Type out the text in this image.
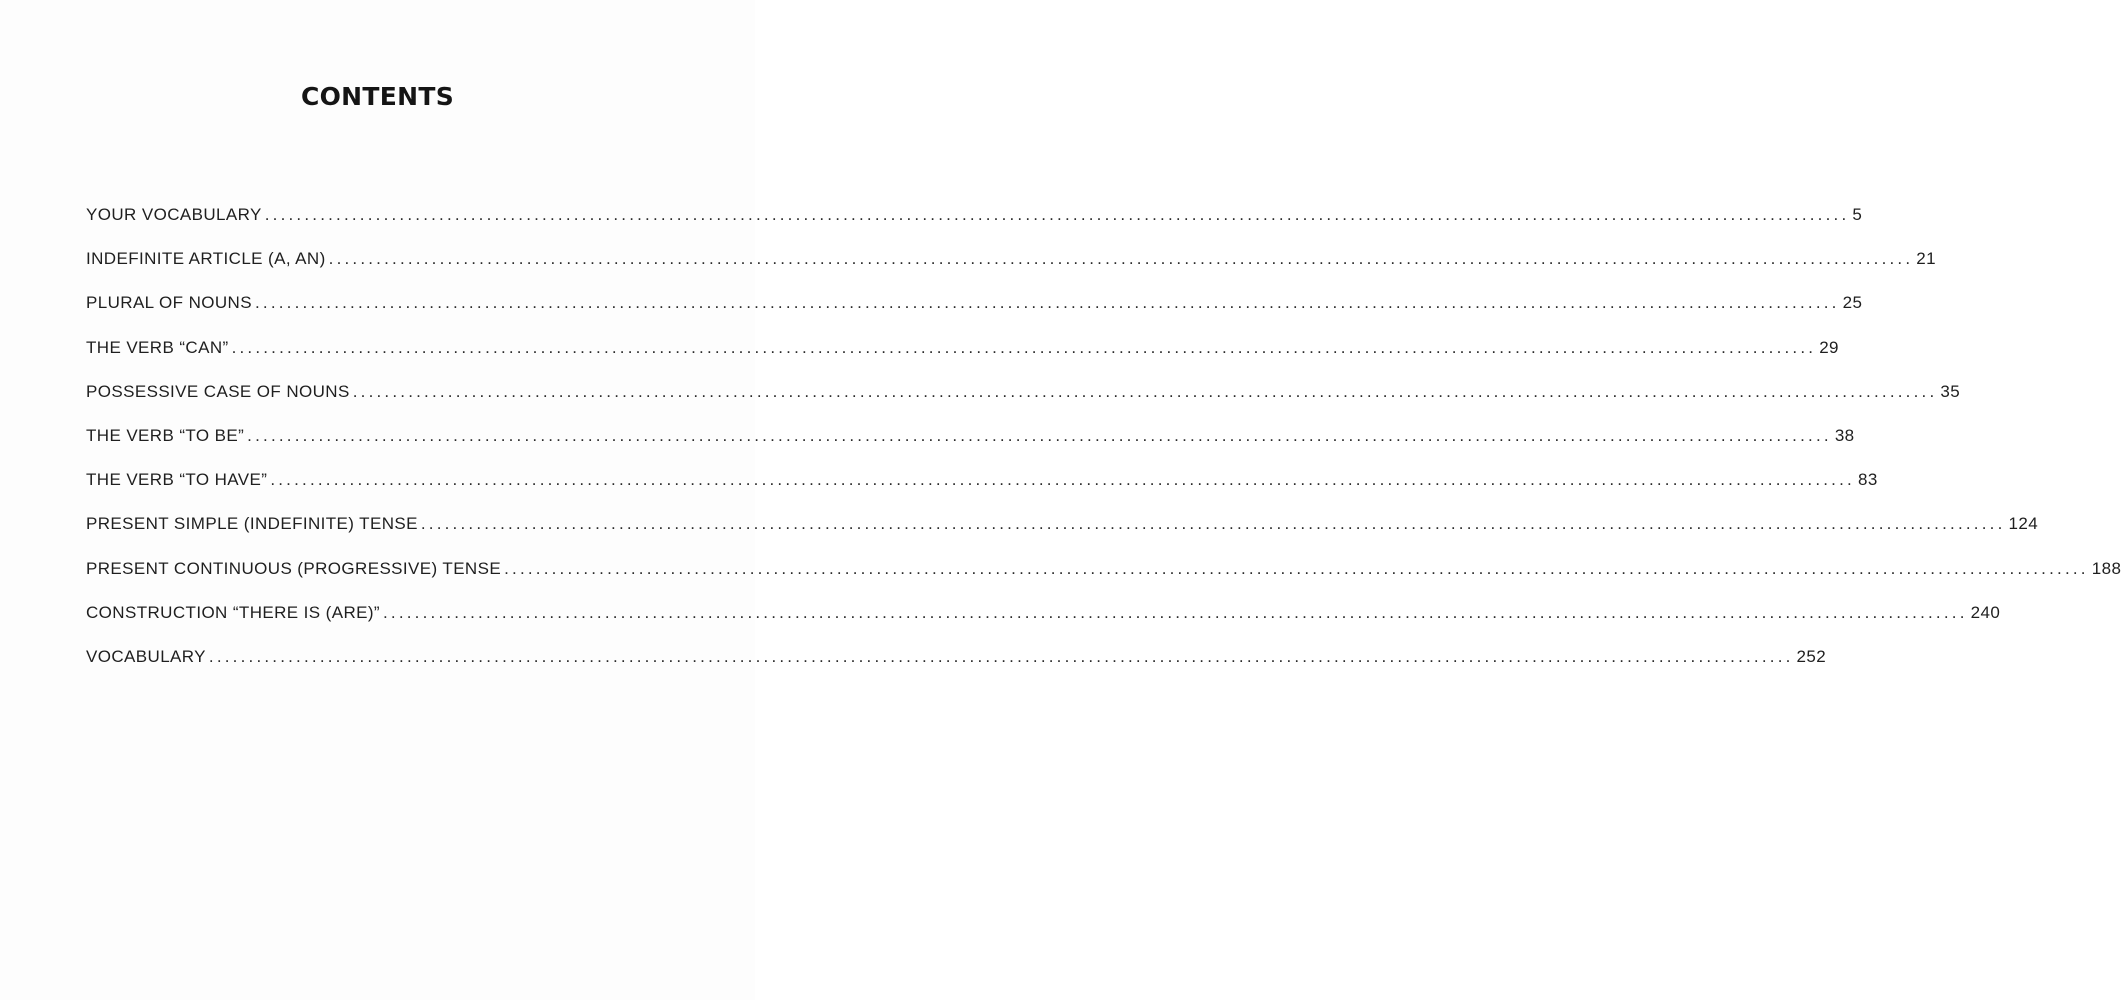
CONTENTS
YOUR VOCABULARY ........................................................................................................................................................................................................ 5
INDEFINITE ARTICLE (A, AN) ........................................................................................................................................................................................................ 21
PLURAL OF NOUNS ........................................................................................................................................................................................................ 25
THE VERB “CAN” ........................................................................................................................................................................................................ 29
POSSESSIVE CASE OF NOUNS ........................................................................................................................................................................................................ 35
THE VERB “TO BE” ........................................................................................................................................................................................................ 38
THE VERB “TO HAVE” ........................................................................................................................................................................................................ 83
PRESENT SIMPLE (INDEFINITE) TENSE ........................................................................................................................................................................................................ 124
PRESENT CONTINUOUS (PROGRESSIVE) TENSE ........................................................................................................................................................................................................ 188
CONSTRUCTION “THERE IS (ARE)” ........................................................................................................................................................................................................ 240
VOCABULARY ........................................................................................................................................................................................................ 252
